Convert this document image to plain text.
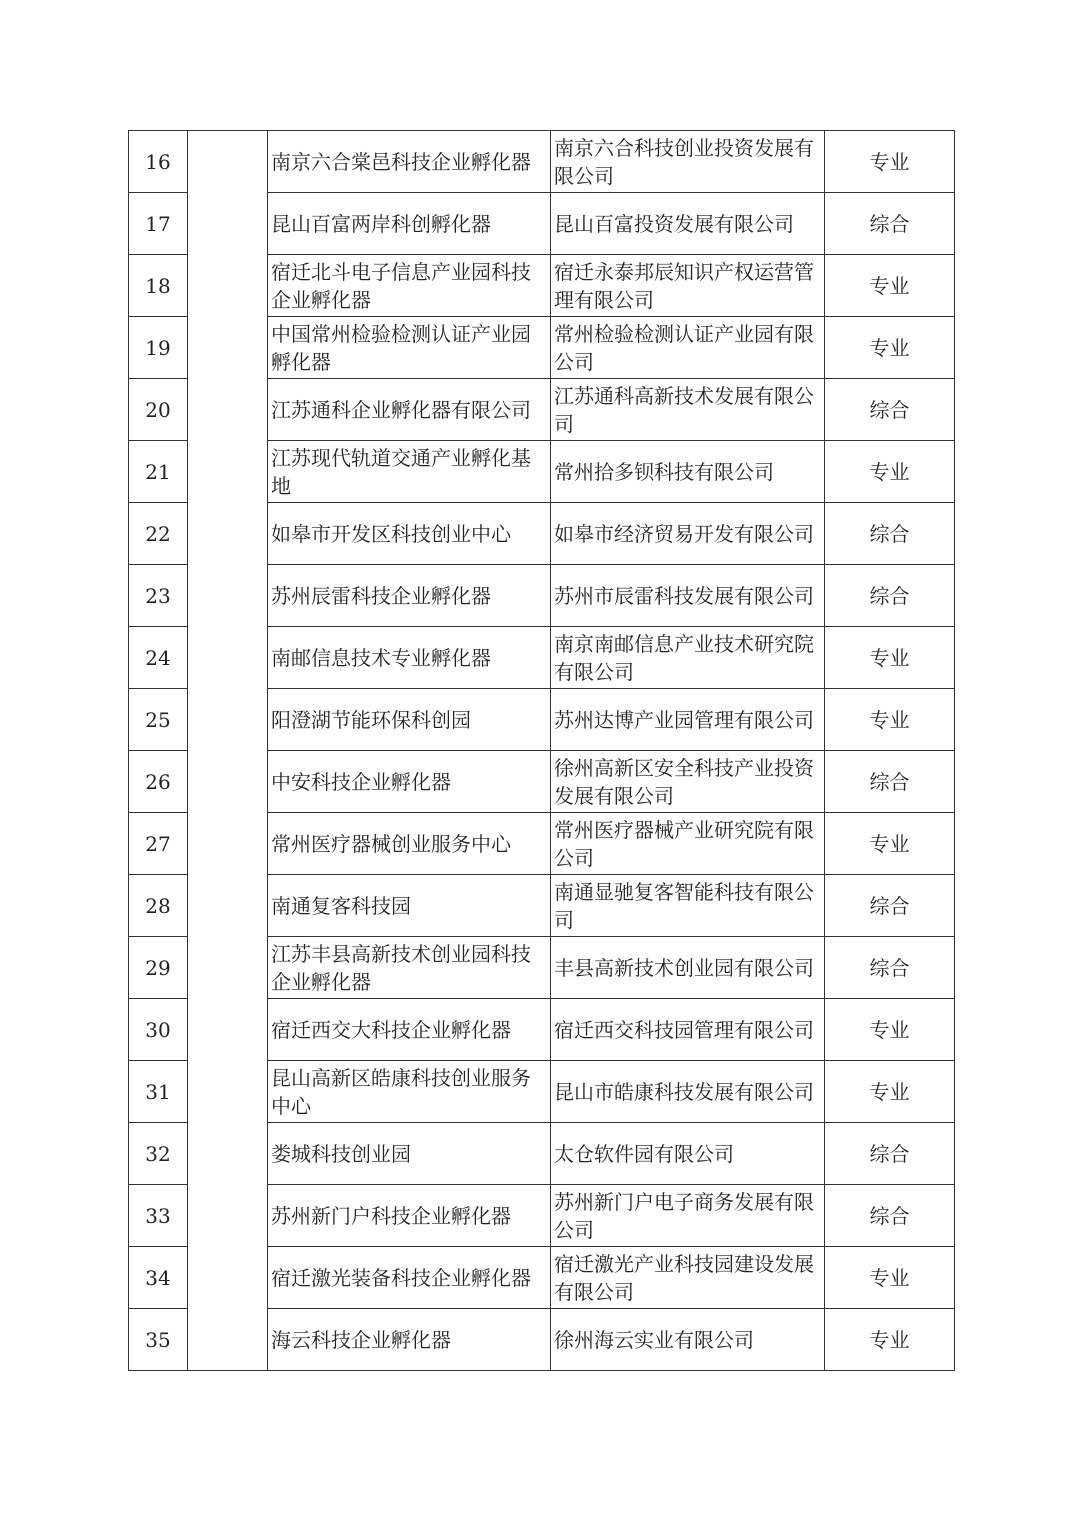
16		南京六合棠邑科技企业孵化器	南京六合科技创业投资发展有限公司	专业
17		昆山百富两岸科创孵化器	昆山百富投资发展有限公司	综合
18		宿迁北斗电子信息产业园科技企业孵化器	宿迁永泰邦辰知识产权运营管理有限公司	专业
19		中国常州检验检测认证产业园孵化器	常州检验检测认证产业园有限公司	专业
20		江苏通科企业孵化器有限公司	江苏通科高新技术发展有限公司	综合
21		江苏现代轨道交通产业孵化基地	常州拾多钡科技有限公司	专业
22		如皋市开发区科技创业中心	如皋市经济贸易开发有限公司	综合
23		苏州辰雷科技企业孵化器	苏州市辰雷科技发展有限公司	综合
24		南邮信息技术专业孵化器	南京南邮信息产业技术研究院有限公司	专业
25		阳澄湖节能环保科创园	苏州达博产业园管理有限公司	专业
26		中安科技企业孵化器	徐州高新区安全科技产业投资发展有限公司	综合
27		常州医疗器械创业服务中心	常州医疗器械产业研究院有限公司	专业
28		南通复客科技园	南通显驰复客智能科技有限公司	综合
29		江苏丰县高新技术创业园科技企业孵化器	丰县高新技术创业园有限公司	综合
30		宿迁西交大科技企业孵化器	宿迁西交科技园管理有限公司	专业
31		昆山高新区皓康科技创业服务中心	昆山市皓康科技发展有限公司	专业
32		娄城科技创业园	太仓软件园有限公司	综合
33		苏州新门户科技企业孵化器	苏州新门户电子商务发展有限公司	综合
34		宿迁激光装备科技企业孵化器	宿迁激光产业科技园建设发展有限公司	专业
35		海云科技企业孵化器	徐州海云实业有限公司	专业
